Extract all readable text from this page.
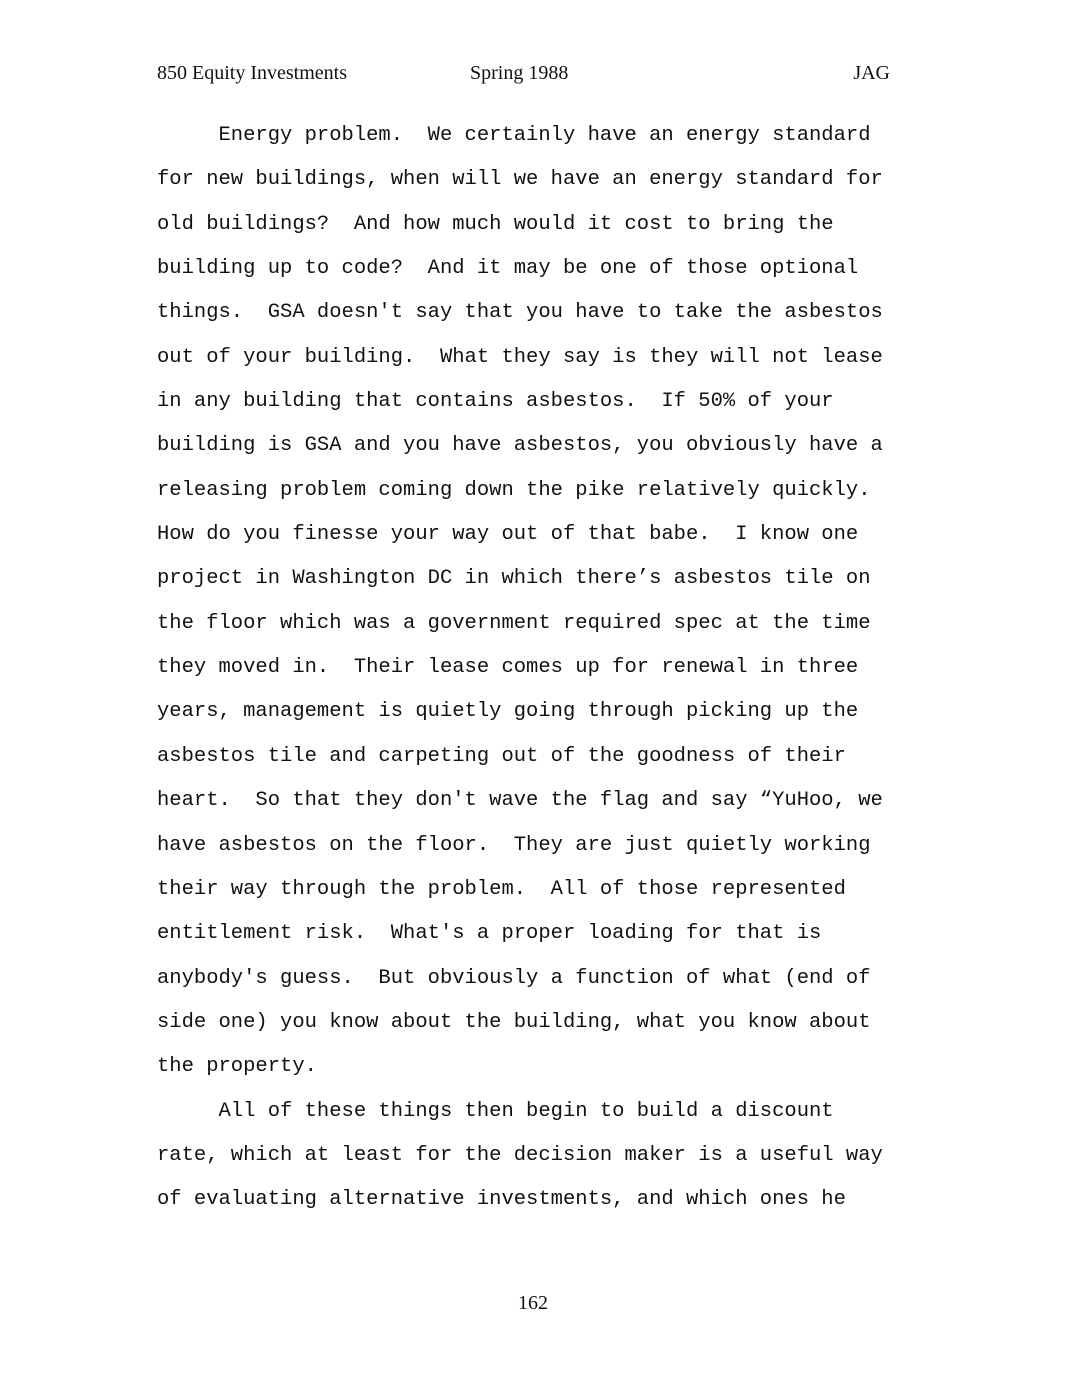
850 Equity Investments	Spring 1988	JAG
Energy problem.  We certainly have an energy standard
for new buildings, when will we have an energy standard for
old buildings?  And how much would it cost to bring the
building up to code?  And it may be one of those optional
things.  GSA doesn't say that you have to take the asbestos
out of your building.  What they say is they will not lease
in any building that contains asbestos.  If 50% of your
building is GSA and you have asbestos, you obviously have a
releasing problem coming down the pike relatively quickly.
How do you finesse your way out of that babe.  I know one
project in Washington DC in which there’s asbestos tile on
the floor which was a government required spec at the time
they moved in.  Their lease comes up for renewal in three
years, management is quietly going through picking up the
asbestos tile and carpeting out of the goodness of their
heart.  So that they don't wave the flag and say “YuHoo, we
have asbestos on the floor.  They are just quietly working
their way through the problem.  All of those represented
entitlement risk.  What's a proper loading for that is
anybody's guess.  But obviously a function of what (end of
side one) you know about the building, what you know about
the property.
All of these things then begin to build a discount
rate, which at least for the decision maker is a useful way
of evaluating alternative investments, and which ones he
162
